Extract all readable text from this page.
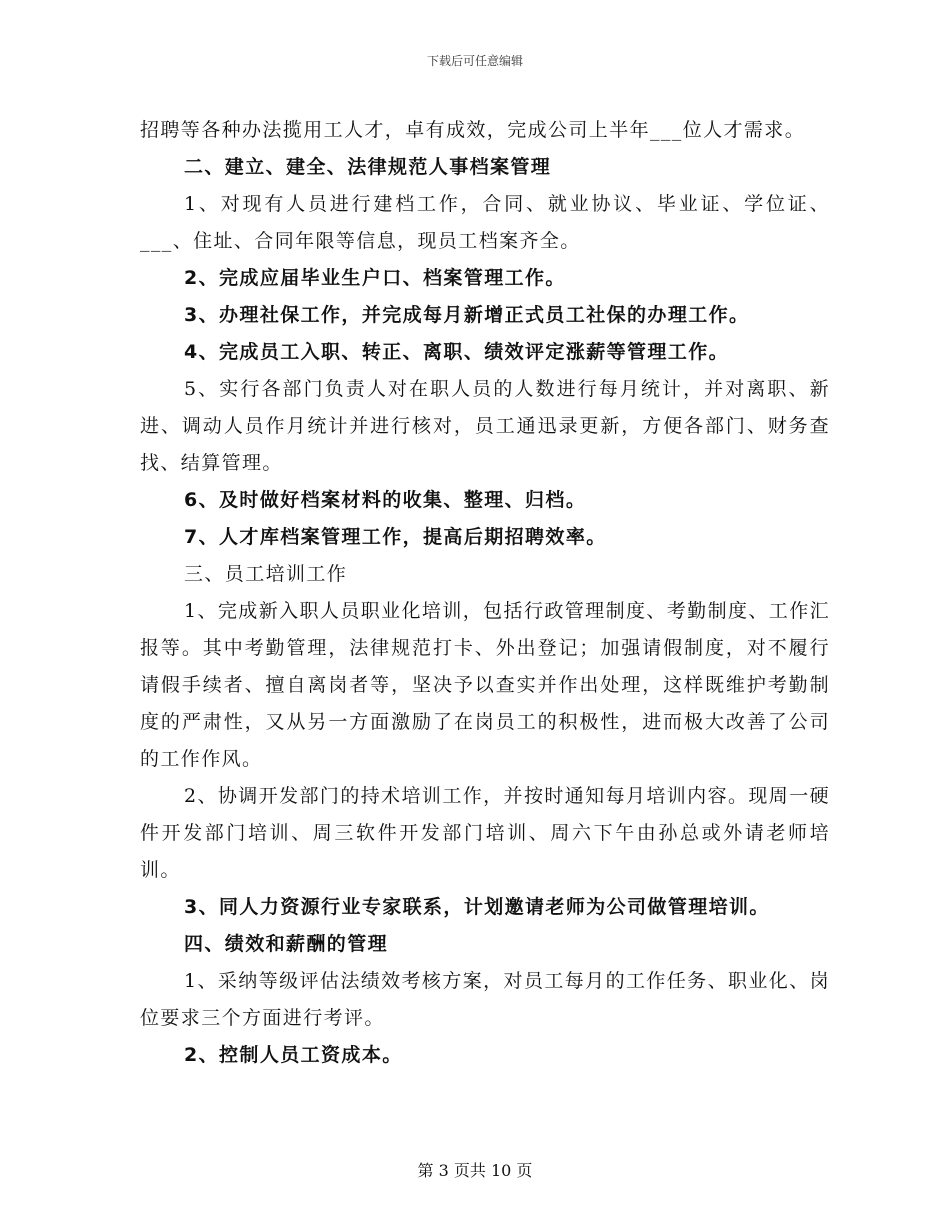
下载后可任意编辑

招聘等各种办法揽用工人才，卓有成效，完成公司上半年___位人才需求。

二、建立、建全、法律规范人事档案管理

1、对现有人员进行建档工作，合同、就业协议、毕业证、学位证、___、住址、合同年限等信息，现员工档案齐全。

2、完成应届毕业生户口、档案管理工作。

3、办理社保工作，并完成每月新增正式员工社保的办理工作。

4、完成员工入职、转正、离职、绩效评定涨薪等管理工作。

5、实行各部门负责人对在职人员的人数进行每月统计，并对离职、新进、调动人员作月统计并进行核对，员工通迅录更新，方便各部门、财务查找、结算管理。

6、及时做好档案材料的收集、整理、归档。

7、人才库档案管理工作，提高后期招聘效率。

三、员工培训工作

1、完成新入职人员职业化培训，包括行政管理制度、考勤制度、工作汇报等。其中考勤管理，法律规范打卡、外出登记；加强请假制度，对不履行请假手续者、擅自离岗者等，坚决予以查实并作出处理，这样既维护考勤制度的严肃性，又从另一方面激励了在岗员工的积极性，进而极大改善了公司的工作作风。

2、协调开发部门的持术培训工作，并按时通知每月培训内容。现周一硬件开发部门培训、周三软件开发部门培训、周六下午由孙总或外请老师培训。

3、同人力资源行业专家联系，计划邀请老师为公司做管理培训。

四、绩效和薪酬的管理

1、采纳等级评估法绩效考核方案，对员工每月的工作任务、职业化、岗位要求三个方面进行考评。

2、控制人员工资成本。

第 3 页共 10 页
